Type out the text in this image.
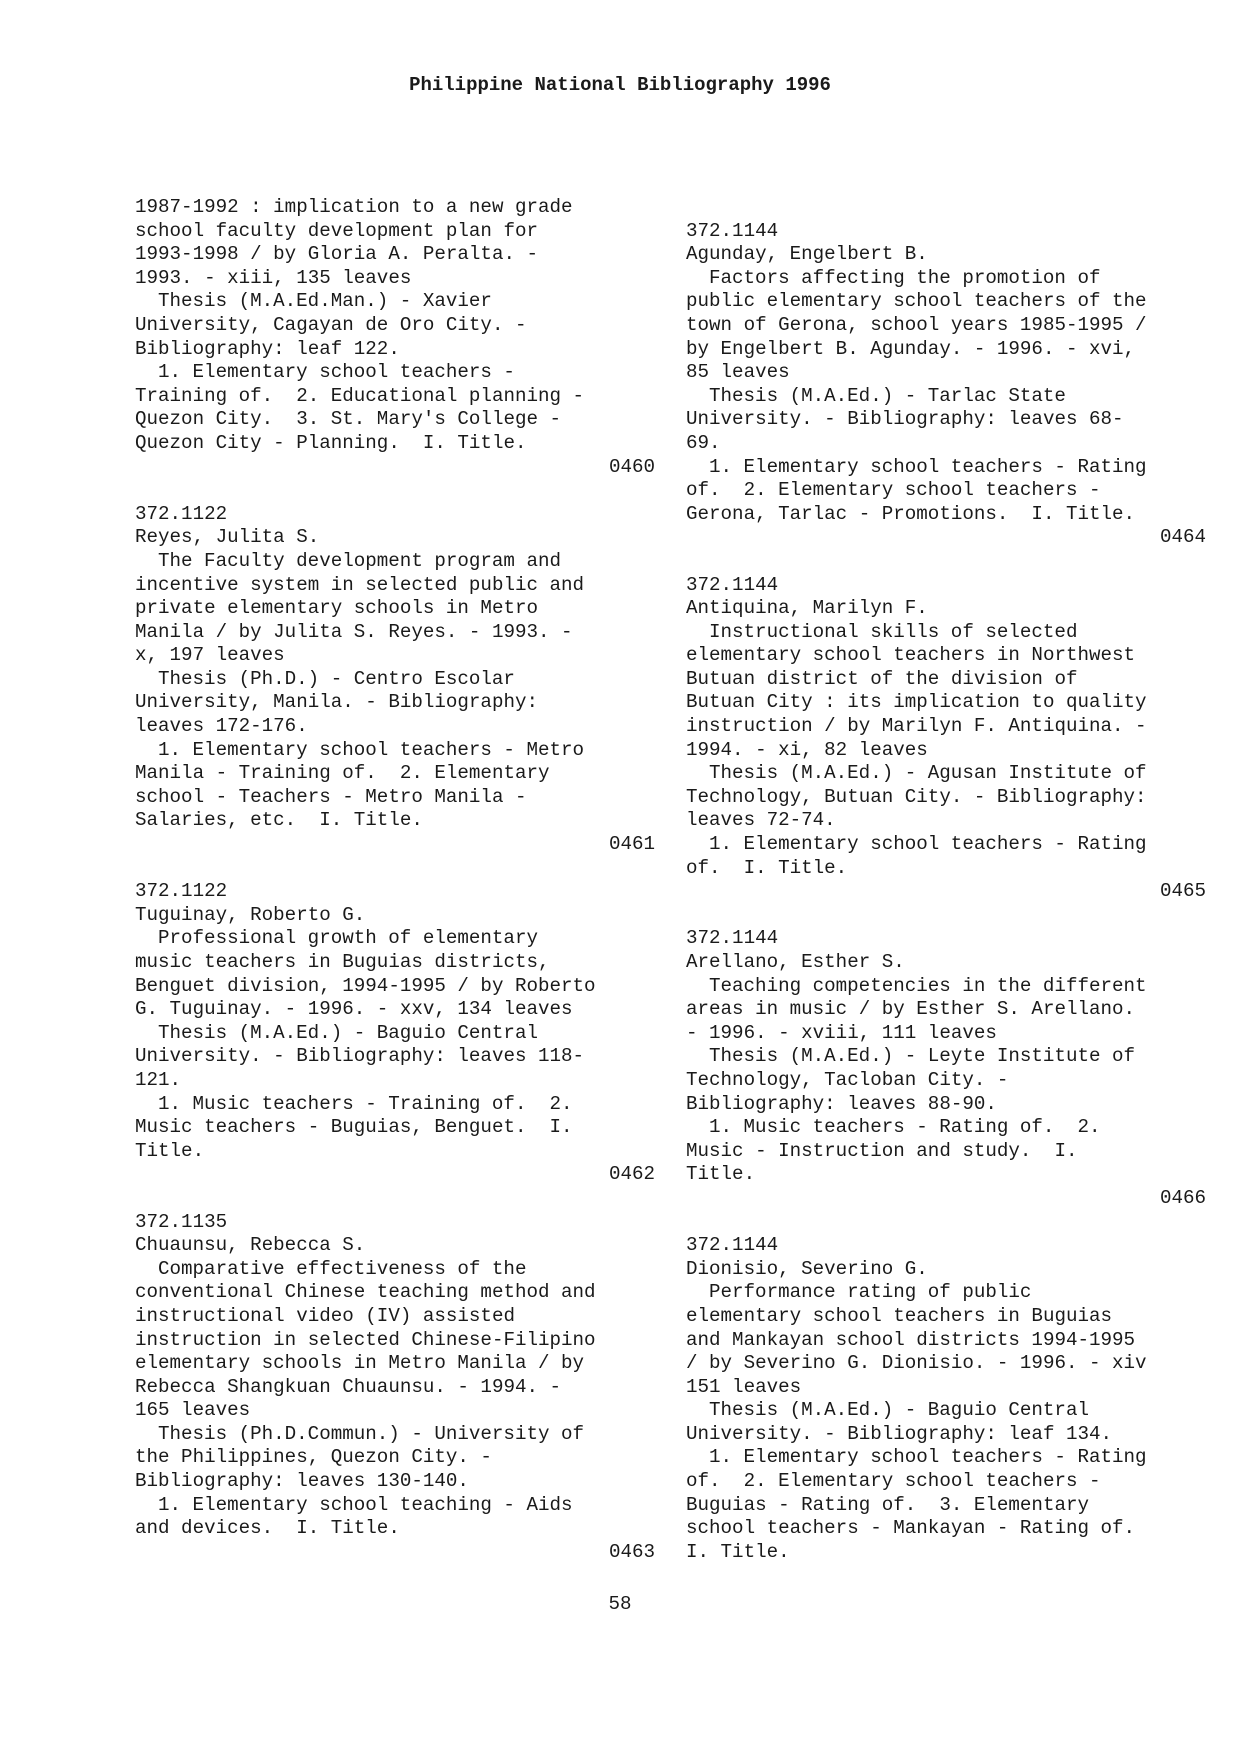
Philippine National Bibliography 1996
1987-1992 : implication to a new grade
school faculty development plan for
1993-1998 / by Gloria A. Peralta. -
1993. - xiii, 135 leaves
Thesis (M.A.Ed.Man.) - Xavier
University, Cagayan de Oro City. -
Bibliography: leaf 122.
1. Elementary school teachers -
Training of.  2. Educational planning -
Quezon City.  3. St. Mary's College -
Quezon City - Planning.  I. Title.
0460
372.1122
Reyes, Julita S.
The Faculty development program and
incentive system in selected public and
private elementary schools in Metro
Manila / by Julita S. Reyes. - 1993. -
x, 197 leaves
Thesis (Ph.D.) - Centro Escolar
University, Manila. - Bibliography:
leaves 172-176.
1. Elementary school teachers - Metro
Manila - Training of.  2. Elementary
school - Teachers - Metro Manila -
Salaries, etc.  I. Title.
0461
372.1122
Tuguinay, Roberto G.
Professional growth of elementary
music teachers in Buguias districts,
Benguet division, 1994-1995 / by Roberto
G. Tuguinay. - 1996. - xxv, 134 leaves
Thesis (M.A.Ed.) - Baguio Central
University. - Bibliography: leaves 118-
121.
1. Music teachers - Training of.  2.
Music teachers - Buguias, Benguet.  I.
Title.
0462
372.1135
Chuaunsu, Rebecca S.
Comparative effectiveness of the
conventional Chinese teaching method and
instructional video (IV) assisted
instruction in selected Chinese-Filipino
elementary schools in Metro Manila / by
Rebecca Shangkuan Chuaunsu. - 1994. -
165 leaves
Thesis (Ph.D.Commun.) - University of
the Philippines, Quezon City. -
Bibliography: leaves 130-140.
1. Elementary school teaching - Aids
and devices.  I. Title.
0463
372.1144
Agunday, Engelbert B.
Factors affecting the promotion of
public elementary school teachers of the
town of Gerona, school years 1985-1995 /
by Engelbert B. Agunday. - 1996. - xvi,
85 leaves
Thesis (M.A.Ed.) - Tarlac State
University. - Bibliography: leaves 68-
69.
1. Elementary school teachers - Rating
of.  2. Elementary school teachers -
Gerona, Tarlac - Promotions.  I. Title.
0464
372.1144
Antiquina, Marilyn F.
Instructional skills of selected
elementary school teachers in Northwest
Butuan district of the division of
Butuan City : its implication to quality
instruction / by Marilyn F. Antiquina. -
1994. - xi, 82 leaves
Thesis (M.A.Ed.) - Agusan Institute of
Technology, Butuan City. - Bibliography:
leaves 72-74.
1. Elementary school teachers - Rating
of.  I. Title.
0465
372.1144
Arellano, Esther S.
Teaching competencies in the different
areas in music / by Esther S. Arellano.
- 1996. - xviii, 111 leaves
Thesis (M.A.Ed.) - Leyte Institute of
Technology, Tacloban City. -
Bibliography: leaves 88-90.
1. Music teachers - Rating of.  2.
Music - Instruction and study.  I.
Title.
0466
372.1144
Dionisio, Severino G.
Performance rating of public
elementary school teachers in Buguias
and Mankayan school districts 1994-1995
/ by Severino G. Dionisio. - 1996. - xiv
151 leaves
Thesis (M.A.Ed.) - Baguio Central
University. - Bibliography: leaf 134.
1. Elementary school teachers - Rating
of.  2. Elementary school teachers -
Buguias - Rating of.  3. Elementary
school teachers - Mankayan - Rating of.
I. Title.
58
